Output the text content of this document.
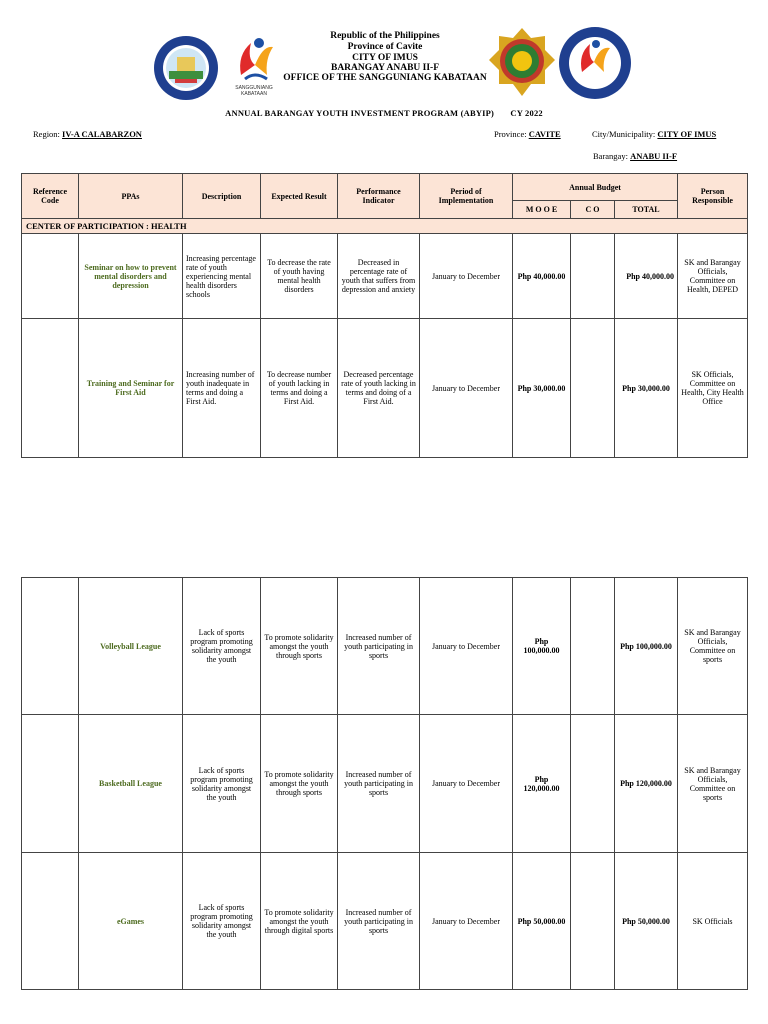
SANGGUNIANG KABATAAN
Republic of the Philippines
Province of Cavite
CITY OF IMUS
BARANGAY ANABU II-F
OFFICE OF THE SANGGUNIANG KABATAAN
ANNUAL BARANGAY YOUTH INVESTMENT PROGRAM (ABYIP)       CY 2022
Region: IV-A CALABARZON	Province: CAVITE	City/Municipality: CITY OF IMUS
Barangay: ANABU II-F
Reference Code	PPAs	Description	Expected Result	Performance Indicator	Period of Implementation	Annual Budget			Person Responsible
						M O O E	C O	TOTAL	
CENTER OF PARTICIPATION : HEALTH									
	Seminar on how to prevent mental disorders and depression	Increasing percentage rate of youth experiencing mental health disorders schools	To decrease the rate of youth having mental health disorders	Decreased in percentage rate of youth that suffers from depression and anxiety	January to December	Php 40,000.00		Php 40,000.00	SK and Barangay Officials, Committee on Health, DEPED
	Training and Seminar for First Aid	Increasing number of youth inadequate in terms and doing a First Aid.	To decrease number of youth lacking in terms and doing a First Aid.	Decreased percentage rate of youth lacking in terms and doing of a First Aid.	January to December	Php 30,000.00		Php 30,000.00	SK Officials, Committee on Health, City Health Office
	Volleyball League	Lack of sports program promoting solidarity amongst the youth	To promote solidarity amongst the youth through sports	Increased number of youth participating in sports	January to December	Php 100,000.00		Php 100,000.00	SK and Barangay Officials, Committee on sports
	Basketball League	Lack of sports program promoting solidarity amongst the youth	To promote solidarity amongst the youth through sports	Increased number of youth participating in sports	January to December	Php 120,000.00		Php 120,000.00	SK and Barangay Officials, Committee on sports
	eGames	Lack of sports program promoting solidarity amongst the youth	To promote solidarity amongst the youth through digital sports	Increased number of youth participating in sports	January to December	Php 50,000.00		Php 50,000.00	SK Officials
